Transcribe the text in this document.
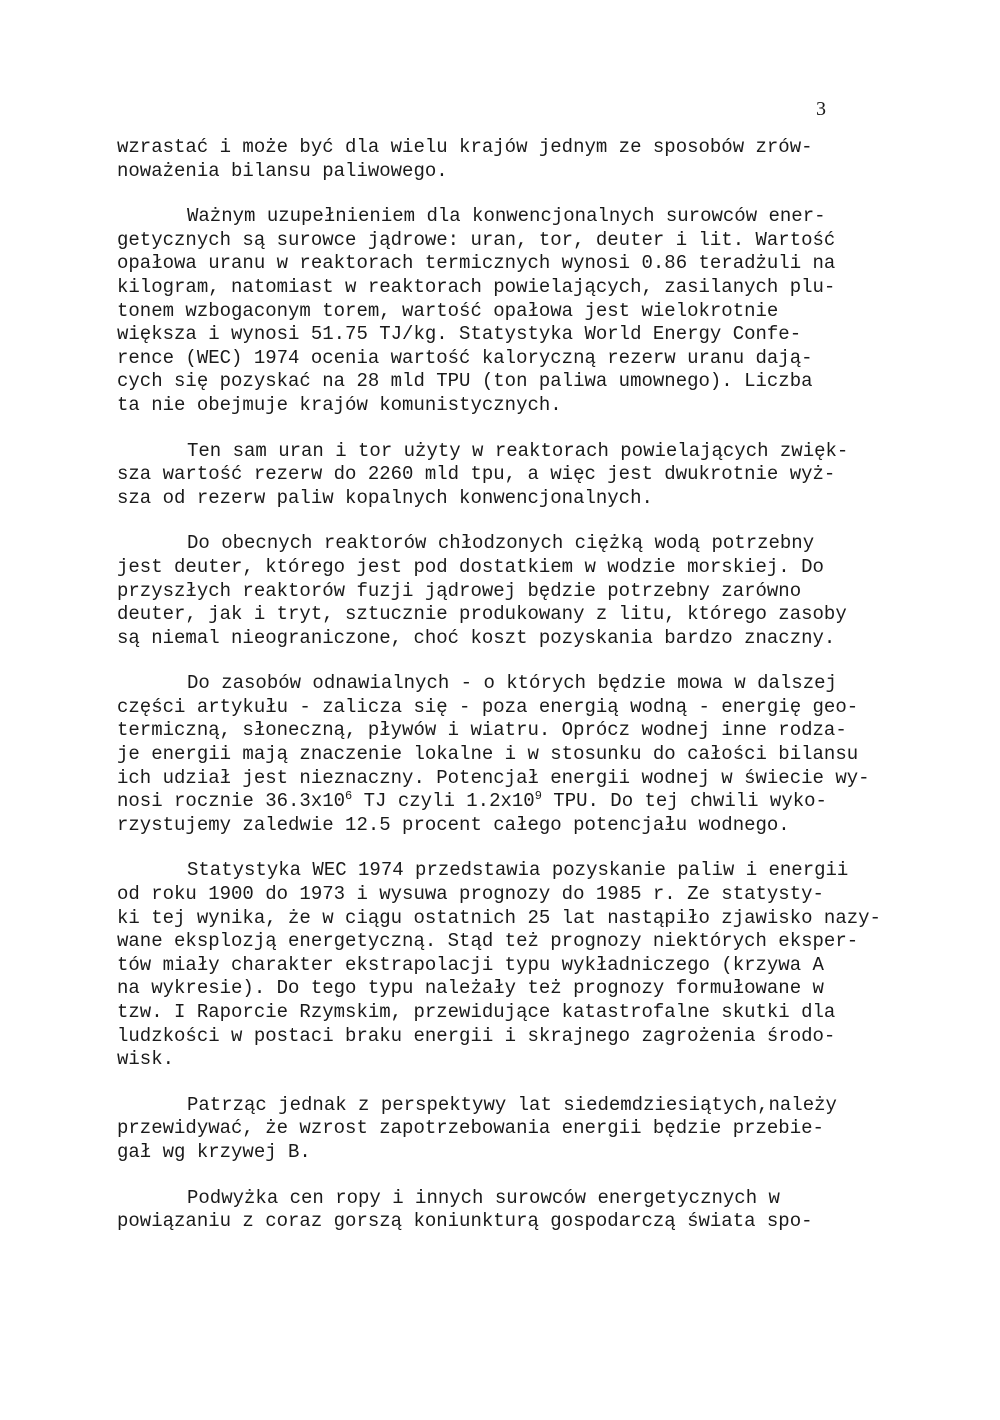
3

wzrastać i może być dla wielu krajów jednym ze sposobów zrów-
noważenia bilansu paliwowego.

Ważnym uzupełnieniem dla konwencjonalnych surowców ener-
getycznych są surowce jądrowe: uran, tor, deuter i lit. Wartość
opałowa uranu w reaktorach termicznych wynosi 0.86 teradżuli na
kilogram, natomiast w reaktorach powielających, zasilanych plu-
tonem wzbogaconym torem, wartość opałowa jest wielokrotnie
większa i wynosi 51.75 TJ/kg. Statystyka World Energy Confe-
rence (WEC) 1974 ocenia wartość kaloryczną rezerw uranu dają-
cych się pozyskać na 28 mld TPU (ton paliwa umownego). Liczba
ta nie obejmuje krajów komunistycznych.

Ten sam uran i tor użyty w reaktorach powielających zwięk-
sza wartość rezerw do 2260 mld tpu, a więc jest dwukrotnie wyż-
sza od rezerw paliw kopalnych konwencjonalnych.

Do obecnych reaktorów chłodzonych ciężką wodą potrzebny
jest deuter, którego jest pod dostatkiem w wodzie morskiej. Do
przyszłych reaktorów fuzji jądrowej będzie potrzebny zarówno
deuter, jak i tryt, sztucznie produkowany z litu, którego zasoby
są niemal nieograniczone, choć koszt pozyskania bardzo znaczny.

Do zasobów odnawialnych - o których będzie mowa w dalszej
części artykułu - zalicza się - poza energią wodną - energię geo-
termiczną, słoneczną, pływów i wiatru. Oprócz wodnej inne rodza-
je energii mają znaczenie lokalne i w stosunku do całości bilansu
ich udział jest nieznaczny. Potencjał energii wodnej w świecie wy-
nosi rocznie $36.3x10^6$ TJ czyli $1.2x10^9$ TPU. Do tej chwili wyko-
rzystujemy zaledwie 12.5 procent całego potencjału wodnego.

Statystyka WEC 1974 przedstawia pozyskanie paliw i energii
od roku 1900 do 1973 i wysuwa prognozy do 1985 r. Ze statysty-
ki tej wynika, że w ciągu ostatnich 25 lat nastąpiło zjawisko nazy-
wane eksplozją energetyczną. Stąd też prognozy niektórych eksper-
tów miały charakter ekstrapolacji typu wykładniczego (krzywa A
na wykresie). Do tego typu należały też prognozy formułowane w
tzw. I Raporcie Rzymskim, przewidujące katastrofalne skutki dla
ludzkości w postaci braku energii i skrajnego zagrożenia środo-
wisk.

Patrząc jednak z perspektywy lat siedemdziesiątych,należy
przewidywać, że wzrost zapotrzebowania energii będzie przebie-
gał wg krzywej B.

Podwyżka cen ropy i innych surowców energetycznych w
powiązaniu z coraz gorszą koniunkturą gospodarczą świata spo-
